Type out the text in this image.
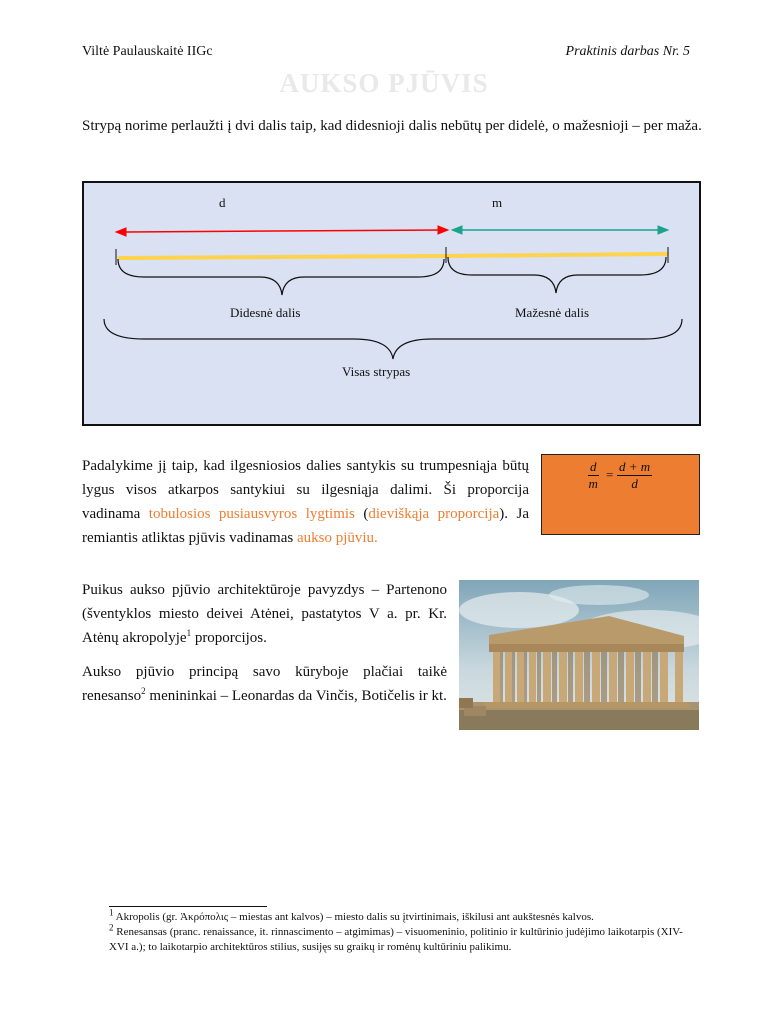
Viltė Paulauskaitė IIGc	Praktinis darbas Nr. 5
AUKSO PJŪVIS
Strypą norime perlaužti į dvi dalis taip, kad didesnioji dalis nebūtų per didelė, o mažesnioji – per maža.
d	m
Didesnė dalis	Mažesnė dalis
Visas strypas
Padalykime jį taip, kad ilgesniosios dalies santykis su trumpesniąja būtų lygus visos atkarpos santykiui su ilgesniąja dalimi. Ši proporcija vadinama tobulosios pusiausvyros lygtimis (dieviškąja proporcija). Ja remiantis atliktas pjūvis vadinamas aukso pjūviu.
$\frac{d}{m} = \frac{d + m}{d}$
Puikus aukso pjūvio architektūroje pavyzdys – Partenono (šventyklos miesto deivei Atėnei, pastatytos V a. pr. Kr. Atėnų akropolyje$^1$ proporcijos.
Aukso pjūvio principą savo kūryboje plačiai taikė renesanso$^2$ menininkai – Leonardas da Vinčis, Botičelis ir kt.
$^1$ Akropolis (gr. Ἀκρόπολις – miestas ant kalvos) – miesto dalis su įtvirtinimais, iškilusi ant aukštesnės kalvos.
$^2$ Renesansas (pranc. renaissance, it. rinnascimento – atgimimas) – visuomeninio, politinio ir kultūrinio judėjimo laikotarpis (XIV-XVI a.); to laikotarpio architektūros stilius, susijęs su graikų ir romėnų kultūriniu palikimu.
